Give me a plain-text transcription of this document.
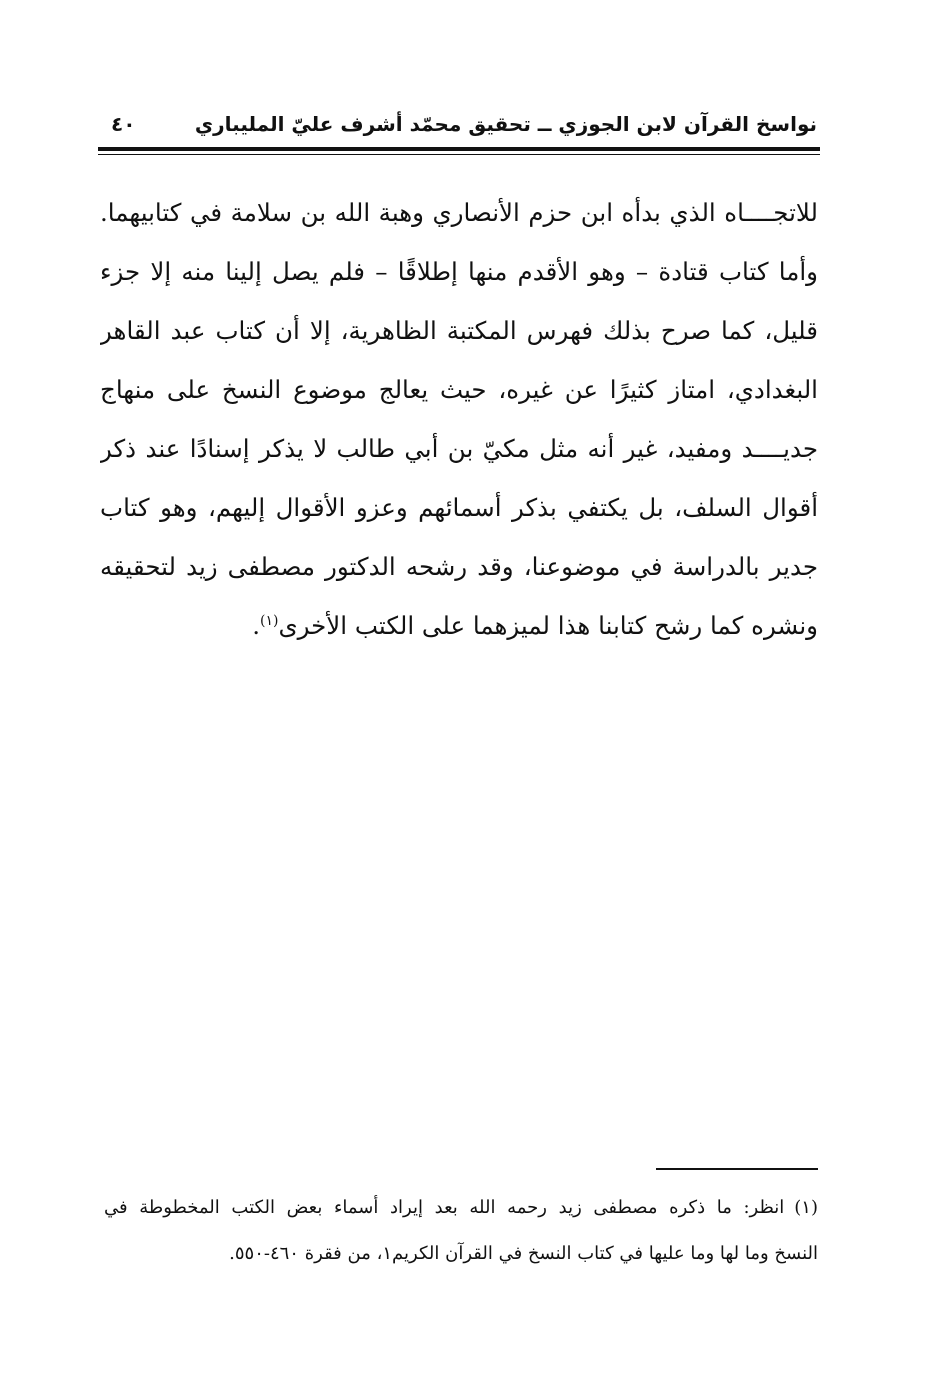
نواسخ القرآن لابن الجوزي ــ تحقيق محمّد أشرف عليّ المليباري
٤٠
للاتجــــاه الذي بدأه ابن حزم الأنصاري وهبة الله بن سلامة في كتابيهما.
وأما كتاب قتادة – وهو الأقدم منها إطلاقًا – فلم يصل إلينا منه إلا جزء
قليل، كما صرح بذلك فهرس المكتبة الظاهرية، إلا أن كتاب عبد القاهر
البغدادي، امتاز كثيرًا عن غيره، حيث يعالج موضوع النسخ على منهاج
جديــــد ومفيد، غير أنه مثل مكيّ بن أبي طالب لا يذكر إسنادًا عند ذكر
أقوال السلف، بل يكتفي بذكر أسمائهم وعزو الأقوال إليهم، وهو كتاب
جدير بالدراسة في موضوعنا، وقد رشحه الدكتور مصطفى زيد لتحقيقه
ونشره كما رشح كتابنا هذا لميزهما على الكتب الأخرى$^{(١)}$.
(١)انظر: ما ذكره مصطفى زيد رحمه الله بعد إيراد أسماء بعض الكتب المخطوطة في
النسخ وما لها وما عليها في كتاب النسخ في القرآن الكريم١، من فقرة ٤٦٠-٥٥٠.
